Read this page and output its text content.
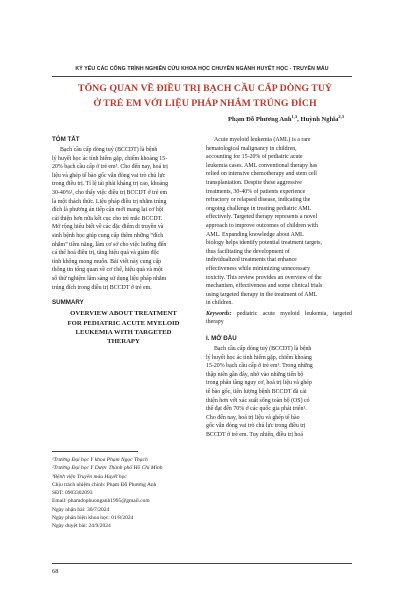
KỶ YẾU CÁC CÔNG TRÌNH NGHIÊN CỨU KHOA HỌC CHUYÊN NGÀNH HUYẾT HỌC - TRUYỀN MÁU
TỔNG QUAN VỀ ĐIỀU TRỊ BẠCH CẦU CẤP DÒNG TUỶ
Ở TRẺ EM VỚI LIỆU PHÁP NHẮM TRÚNG ĐÍCH
Phạm Đỗ Phương Anh$^{1,3}$, Huỳnh Nghĩa$^{2,3}$
TÓM TẮT
Bạch cầu cấp dòng tuỷ (BCCDT) là bệnh
lý huyết học ác tính hiếm gặp, chiếm khoảng 15-
20% bạch cầu cấp ở trẻ em¹. Cho đến nay, hoá trị
liệu và ghép tế bào gốc vẫn đóng vai trò chủ lực
trong điều trị. Tỉ lệ tái phát kháng trị cao, khoảng
30-40%¹, cho thấy việc điều trị BCCDT ở trẻ em
là một thách thức. Liệu pháp điều trị nhắm trúng
đích là phương án tiếp cận mới mang lại cơ hội
cải thiện hơn nữa kết cục cho trẻ mắc BCCDT.
Mở rộng hiểu biết về các đặc điểm di truyền và
sinh bệnh học giúp cung cấp thêm những “đích
nhắm” tiềm năng, làm cơ sở cho việc hướng đến
cá thể hoá điều trị, tăng hiệu quả và giảm độc
tính không mong muốn. Bài viết này cung cấp
thông tin tổng quan về cơ chế, hiệu quả và một
số thử nghiệm lâm sàng sử dụng liệu pháp nhắm
trúng đích trong điều trị BCCDT ở trẻ em.
SUMMARY
OVERVIEW ABOUT TREATMENT
FOR PEDIATRIC ACUTE MYELOID
LEUKEMIA WITH TARGETED
THERAPY
¹Trường Đại học Y khoa Phạm Ngọc Thạch
²Trường Đại học Y Dược Thành phố Hồ Chí Minh
³Bệnh viện Truyền máu Huyết học
Chịu trách nhiệm chính: Phạm Đỗ Phương Anh
SĐT: 0903302093
Email: phamdophuonganh1995@gmail.com
Ngày nhận bài: 30/7/2024
Ngày phản biện khoa học: 01/8/2024
Ngày duyệt bài: 24/9/2024
Acute myeloid leukemia (AML) is a rare
hematological malignancy in children,
accounting for 15-20% of pediatric acute
leukemia cases. AML conventional therapy has
relied on intensive chemotherapy and stem cell
transplantation. Despite these aggressive
treatments, 30-40% of patients experience
refractory or relapsed disease, indicating the
ongoing challenge in treating pediatric AML
effectively. Targeted therapy represents a novel
approach to improve outcomes of children with
AML. Expanding knowledge about AML
biology helps identify potential treatment targets,
thus facilitating the development of
individualized treatments that enhance
effectiveness while minimizing unnecessary
toxicity. This review provides an overview of the
mechanism, effectiveness and some clinical trials
using targeted therapy in the treatment of AML
in children.
Keywords: pediatric acute myeloid leukemia, targeted therapy
I. MỞ ĐẦU
Bạch cầu cấp dòng tuỷ (BCCDT) là bệnh
lý huyết học ác tính hiếm gặp, chiếm khoảng
15-20% bạch cầu cấp ở trẻ em¹. Trong những
thập niên gần đây, nhờ vào những tiến bộ
trong phân tầng nguy cơ, hoá trị liệu và ghép
tế bào gốc, tiên lượng bệnh BCCDT đã cải
thiện hơn với xác suất sống toàn bộ (OS) có
thể đạt đến 70% ở các quốc gia phát triển¹.
Cho đến nay, hoá trị liệu và ghép tế bào
gốc vẫn đóng vai trò chủ lực trong điều trị
BCCDT ở trẻ em. Tuy nhiên, điều trị hoá
68
